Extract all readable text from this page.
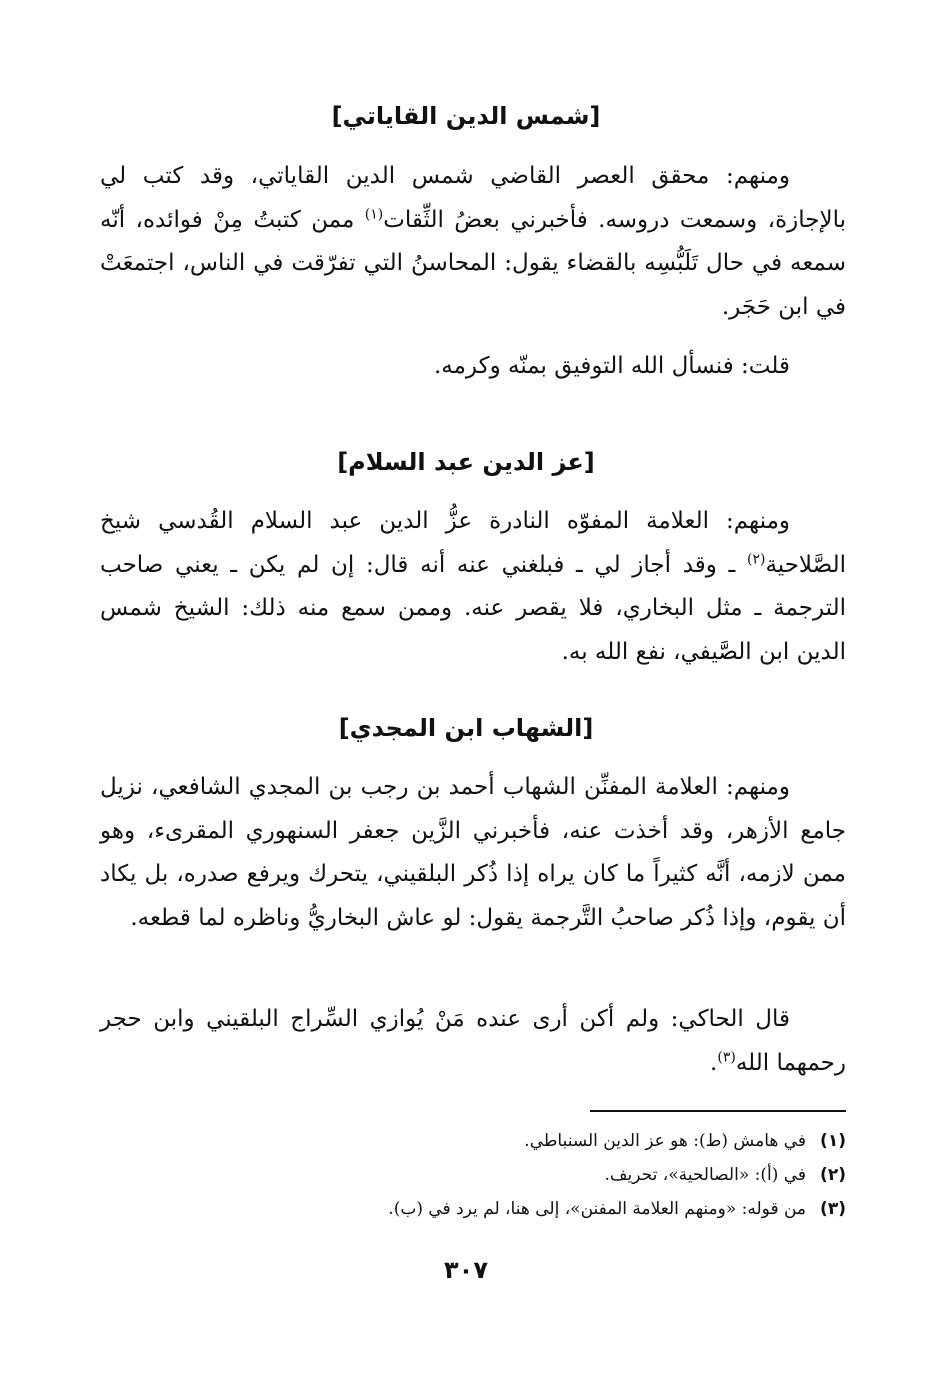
[شمس الدين القاياتي]
ومنهم: محقق العصر القاضي شمس الدين القاياتي، وقد كتب لي بالإجازة، وسمعت دروسه. فأخبرني بعضُ الثِّقات$^{(١)}$ ممن كتبتُ مِنْ فوائده، أنّه سمعه في حال تَلَبُّسِه بالقضاء يقول: المحاسنُ التي تفرّقت في الناس، اجتمعَتْ في ابن حَجَر.
قلت: فنسأل الله التوفيق بمنّه وكرمه.
[عز الدين عبد السلام]
ومنهم: العلامة المفوّه النادرة عزُّ الدين عبد السلام القُدسي شيخ الصَّلاحية$^{(٢)}$ ـ وقد أجاز لي ـ فبلغني عنه أنه قال: إن لم يكن ـ يعني صاحب الترجمة ـ مثل البخاري، فلا يقصر عنه. وممن سمع منه ذلك: الشيخ شمس الدين ابن الصَّيفي، نفع الله به.
[الشهاب ابن المجدي]
ومنهم: العلامة المفنِّن الشهاب أحمد بن رجب بن المجدي الشافعي، نزيل جامع الأزهر، وقد أخذت عنه، فأخبرني الزَّين جعفر السنهوري المقرىء، وهو ممن لازمه، أنَّه كثيراً ما كان يراه إذا ذُكر البلقيني، يتحرك ويرفع صدره، بل يكاد أن يقوم، وإذا ذُكر صاحبُ التَّرجمة يقول: لو عاش البخاريُّ وناظره لما قطعه.
قال الحاكي: ولم أكن أرى عنده مَنْ يُوازي السِّراج البلقيني وابن حجر رحمهما الله$^{(٣)}$.
(١)في هامش (ط): هو عز الدين السنباطي.
(٢)في (أ): «الصالحية»، تحريف.
(٣)من قوله: «ومنهم العلامة المفنن»، إلى هنا، لم يرد في (ب).
٣٠٧
